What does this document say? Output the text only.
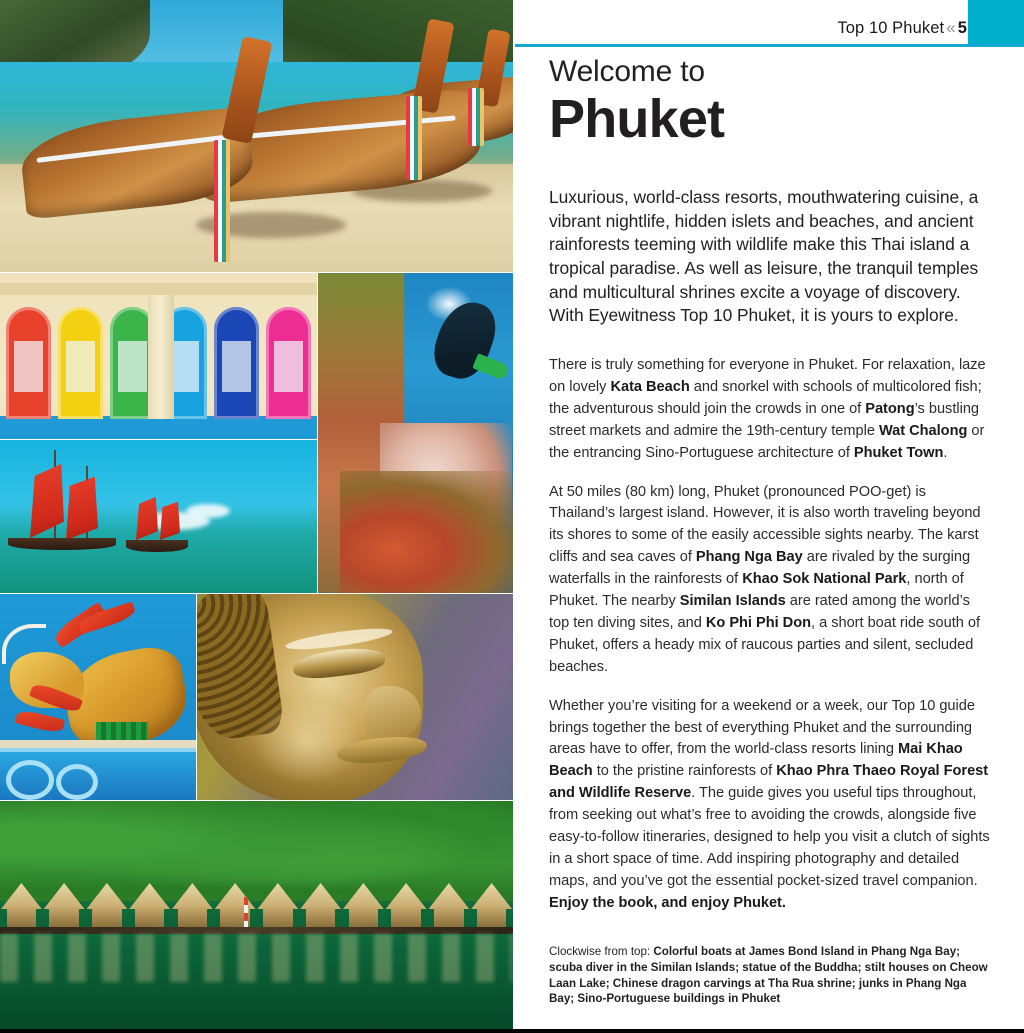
Top 10 Phuket « 5
Welcome to
Phuket

Luxurious, world-class resorts, mouthwatering cuisine, a vibrant nightlife, hidden islets and beaches, and ancient rainforests teeming with wildlife make this Thai island a tropical paradise. As well as leisure, the tranquil temples and multicultural shrines excite a voyage of discovery. With Eyewitness Top 10 Phuket, it is yours to explore.

There is truly something for everyone in Phuket. For relaxation, laze on lovely Kata Beach and snorkel with schools of multicolored fish; the adventurous should join the crowds in one of Patong’s bustling street markets and admire the 19th-century temple Wat Chalong or the entrancing Sino-Portuguese architecture of Phuket Town.

At 50 miles (80 km) long, Phuket (pronounced POO-get) is Thailand’s largest island. However, it is also worth traveling beyond its shores to some of the easily accessible sights nearby. The karst cliffs and sea caves of Phang Nga Bay are rivaled by the surging waterfalls in the rainforests of Khao Sok National Park, north of Phuket. The nearby Similan Islands are rated among the world’s top ten diving sites, and Ko Phi Phi Don, a short boat ride south of Phuket, offers a heady mix of raucous parties and silent, secluded beaches.

Whether you’re visiting for a weekend or a week, our Top 10 guide brings together the best of everything Phuket and the surrounding areas have to offer, from the world-class resorts lining Mai Khao Beach to the pristine rainforests of Khao Phra Thaeo Royal Forest and Wildlife Reserve. The guide gives you useful tips throughout, from seeking out what’s free to avoiding the crowds, alongside five easy-to-follow itineraries, designed to help you visit a clutch of sights in a short space of time. Add inspiring photography and detailed maps, and you’ve got the essential pocket-sized travel companion. Enjoy the book, and enjoy Phuket.

Clockwise from top: Colorful boats at James Bond Island in Phang Nga Bay; scuba diver in the Similan Islands; statue of the Buddha; stilt houses on Cheow Laan Lake; Chinese dragon carvings at Tha Rua shrine; junks in Phang Nga Bay; Sino-Portuguese buildings in Phuket
